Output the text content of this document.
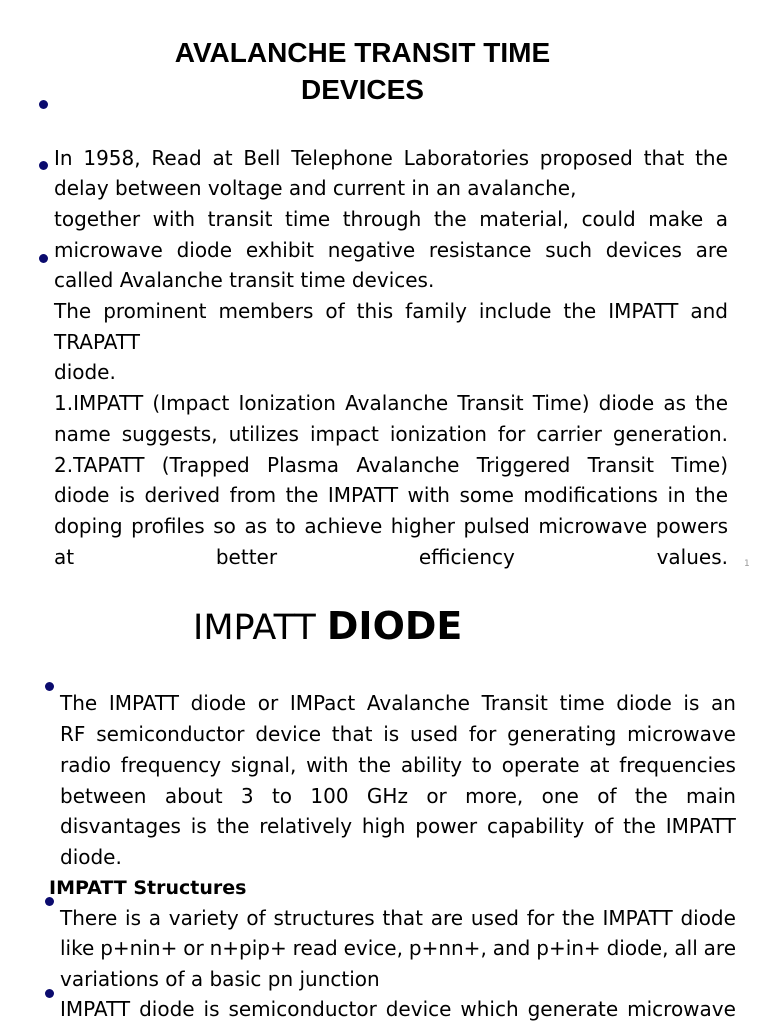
AVALANCHE TRANSIT TIME
DEVICES

In 1958, Read at Bell Telephone Laboratories proposed that the

delay between voltage and current in an avalanche,

together with transit time through the material, could make a

microwave diode exhibit negative resistance such devices are

called Avalanche transit time devices.

The prominent members of this family include the IMPATT and

TRAPATT

diode.

1.IMPATT (Impact Ionization Avalanche Transit Time) diode as the

name suggests, utilizes impact ionization for carrier generation.

2.TAPATT (Trapped Plasma Avalanche Triggered Transit Time)

diode is derived from the IMPATT with some modifications in the

doping profiles so as to achieve higher pulsed microwave powers

at	better	efficiency	values. 1
IMPATT DIODE

The IMPATT diode or IMPact Avalanche Transit time diode is an

RF semiconductor device that is used for generating microwave

radio frequency signal, with the ability to operate at frequencies

between about 3 to 100 GHz or more, one of the main

disvantages is the relatively high power capability of the IMPATT

diode.

IMPATT Structures

There is a variety of structures that are used for the IMPATT diode

like p+nin+ or n+pip+ read evice, p+nn+, and p+in+ diode, all are

variations of a basic pn junction

IMPATT diode is semiconductor device which generate microwave
